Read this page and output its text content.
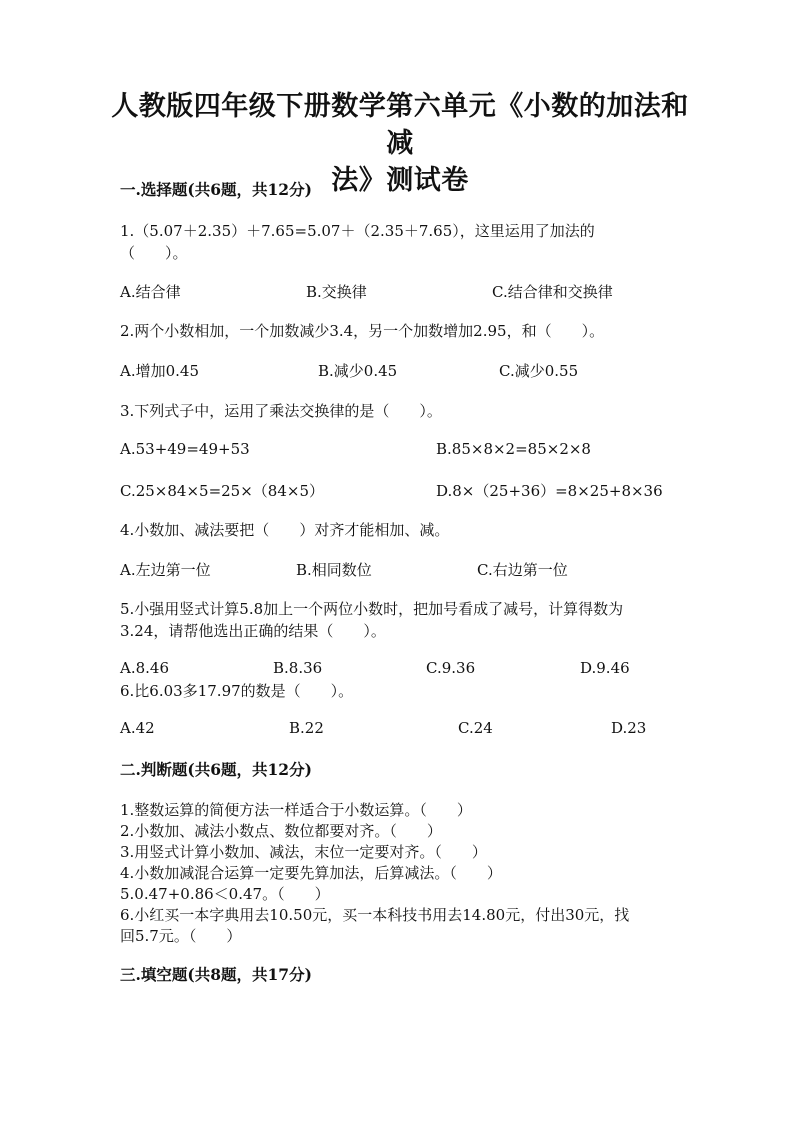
人教版四年级下册数学第六单元《小数的加法和减
法》测试卷
一.选择题(共6题，共12分)
1.（5.07＋2.35）＋7.65=5.07＋（2.35＋7.65），这里运用了加法的
（　　）。
A.结合律	B.交换律	C.结合律和交换律
2.两个小数相加，一个加数减少3.4，另一个加数增加2.95，和（　　）。
A.增加0.45	B.减少0.45	C.减少0.55
3.下列式子中，运用了乘法交换律的是（　　）。
A.53+49=49+53	B.85×8×2=85×2×8
C.25×84×5=25×（84×5）	D.8×（25+36）=8×25+8×36
4.小数加、减法要把（　　）对齐才能相加、减。
A.左边第一位	B.相同数位	C.右边第一位
5.小强用竖式计算5.8加上一个两位小数时，把加号看成了减号，计算得数为
3.24，请帮他选出正确的结果（　　）。
A.8.46	B.8.36	C.9.36	D.9.46
6.比6.03多17.97的数是（　　）。
A.42	B.22	C.24	D.23
二.判断题(共6题，共12分)
1.整数运算的简便方法一样适合于小数运算。（　　）
2.小数加、减法小数点、数位都要对齐。（　　）
3.用竖式计算小数加、减法，末位一定要对齐。（　　）
4.小数加减混合运算一定要先算加法，后算减法。（　　）
5.0.47+0.86＜0.47。（　　）
6.小红买一本字典用去10.50元，买一本科技书用去14.80元，付出30元，找
回5.7元。（　　）
三.填空题(共8题，共17分)
